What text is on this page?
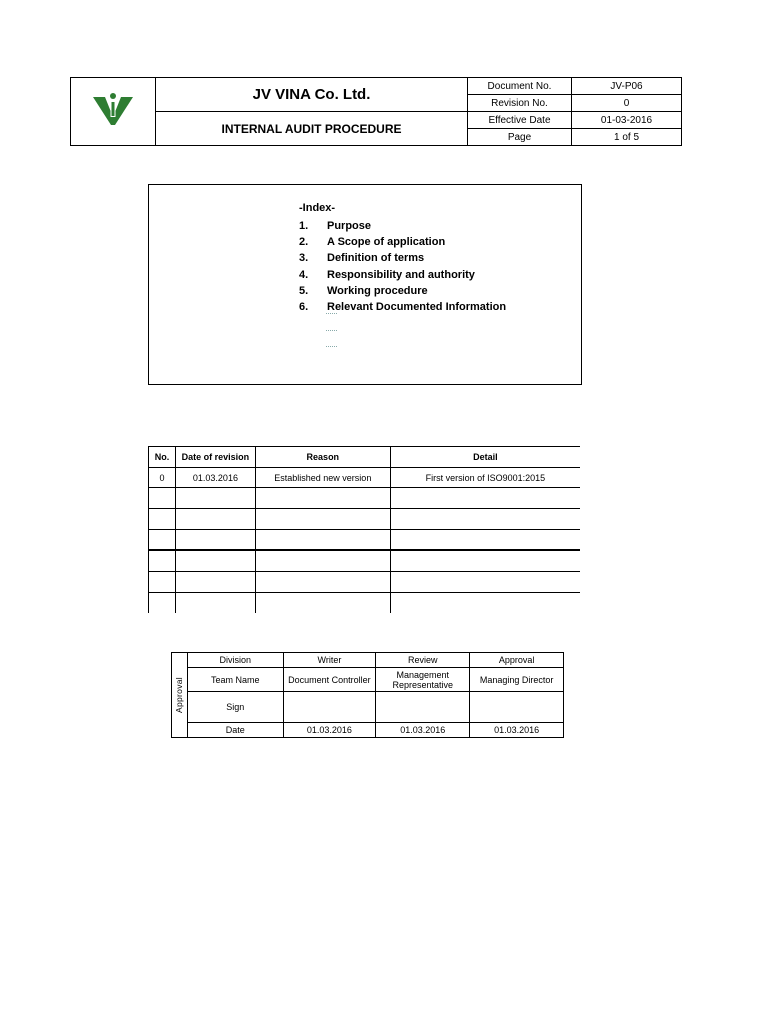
	JV VINA Co. Ltd.	Document No.	JV-P06
		Revision No.	0
	INTERNAL AUDIT PROCEDURE	Effective Date	01-03-2016
		Page	1 of 5
-Index-
1. Purpose
2. A Scope of application
3. Definition of terms
4. Responsibility and authority
5. Working procedure
6. Relevant Documented Information
No.	Date of revision	Reason	Detail
0	01.03.2016	Established new version	First version of ISO9001:2015

Approval	Division	Writer	Review	Approval
	Team Name	Document Controller	Management Representative	Managing Director
	Sign			
	Date	01.03.2016	01.03.2016	01.03.2016
